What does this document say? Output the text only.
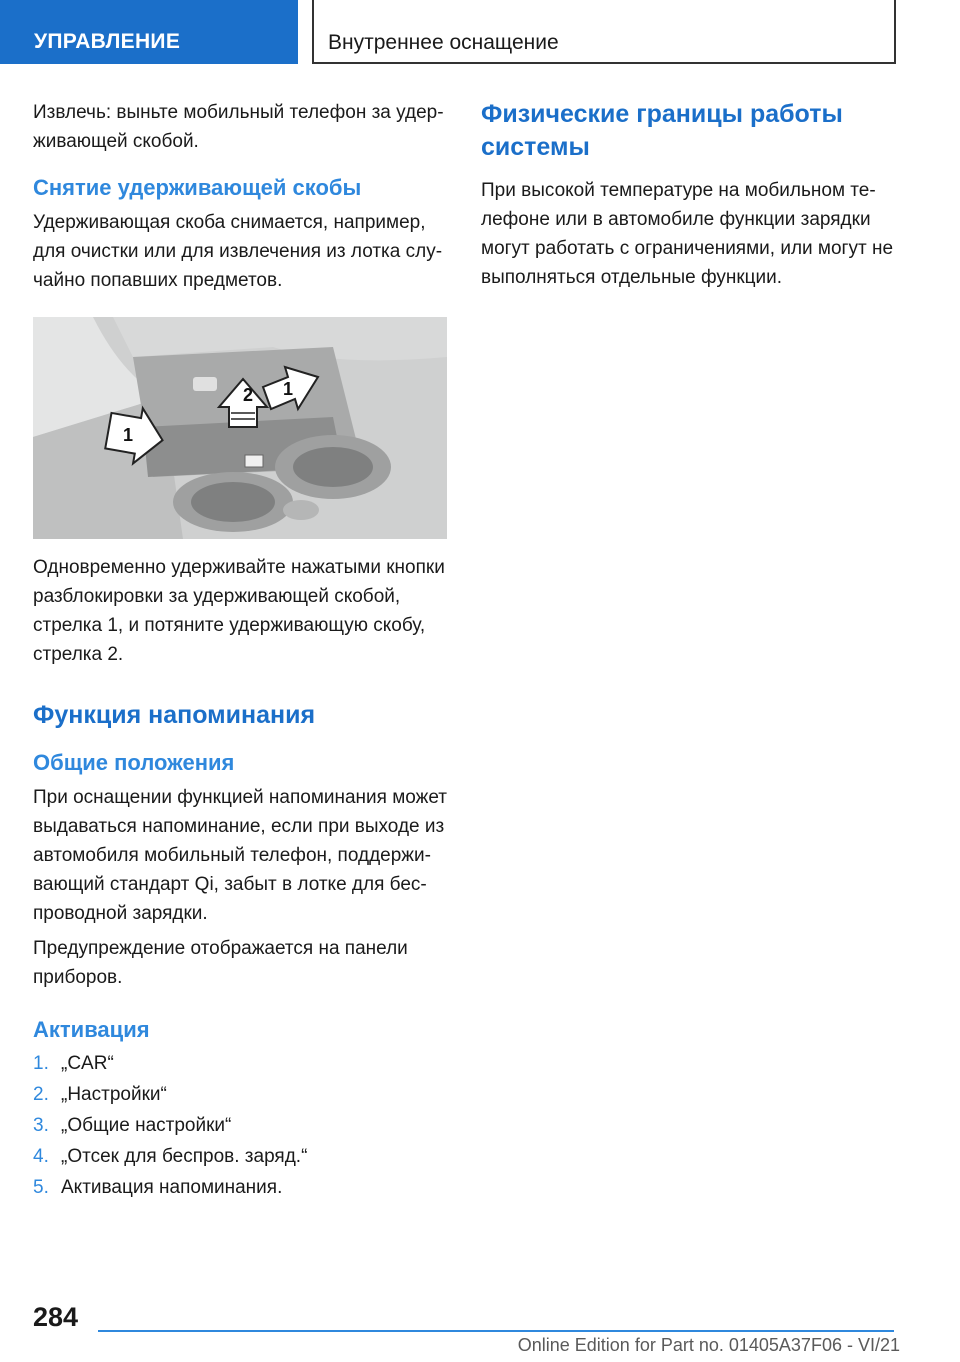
УПРАВЛЕНИЕ	Внутреннее оснащение

Извлечь: выньте мобильный телефон за удер-живающей скобой.

Снятие удерживающей скобы

Удерживающая скоба снимается, например, для очистки или для извлечения из лотка слу-чайно попавших предметов.

1
2 1

Одновременно удерживайте нажатыми кнопки разблокировки за удерживающей скобой, стрелка 1, и потяните удерживающую скобу, стрелка 2.

Функция напоминания
Общие положения

При оснащении функцией напоминания может выдаваться напоминание, если при выходе из автомобиля мобильный телефон, поддержи-вающий стандарт Qi, забыт в лотке для бес-проводной зарядки.

Предупреждение отображается на панели приборов.

Активация
1. „CAR“
2. „Настройки“
3. „Общие настройки“
4. „Отсек для беспров. заряд.“
5. Активация напоминания.
Физические границы работы системы

При высокой температуре на мобильном те-лефоне или в автомобиле функции зарядки могут работать с ограничениями, или могут не выполняться отдельные функции.

284
Online Edition for Part no. 01405A37F06 - VI/21
